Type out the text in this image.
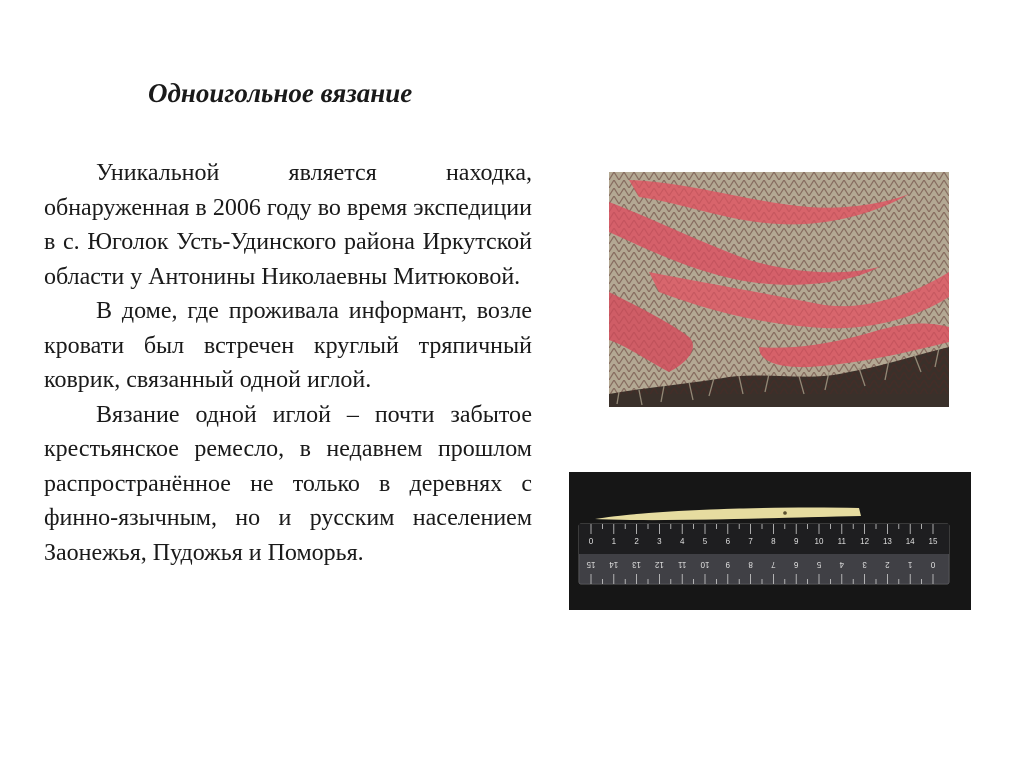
Одноигольное вязание

Уникальной является находка, обнаруженная в 2006 году во время экспедиции в с. Юголок Усть-Удинского района Иркутской области у Антонины Николаевны Митюковой.

В доме, где проживала информант, возле кровати был встречен круглый тряпичный коврик, связанный одной иглой.

Вязание одной иглой – почти забытое крестьянское ремесло, в недавнем прошлом распространённое не только в деревнях с финно-язычным, но и русским населением Заонежья, Пудожья и Поморья.	0 1 2 3 4 5 6 7 8 9 10 11 12 13 14 15
15 14 13 12 11 10 9 8 7 6 5 4 3 2 1 0
